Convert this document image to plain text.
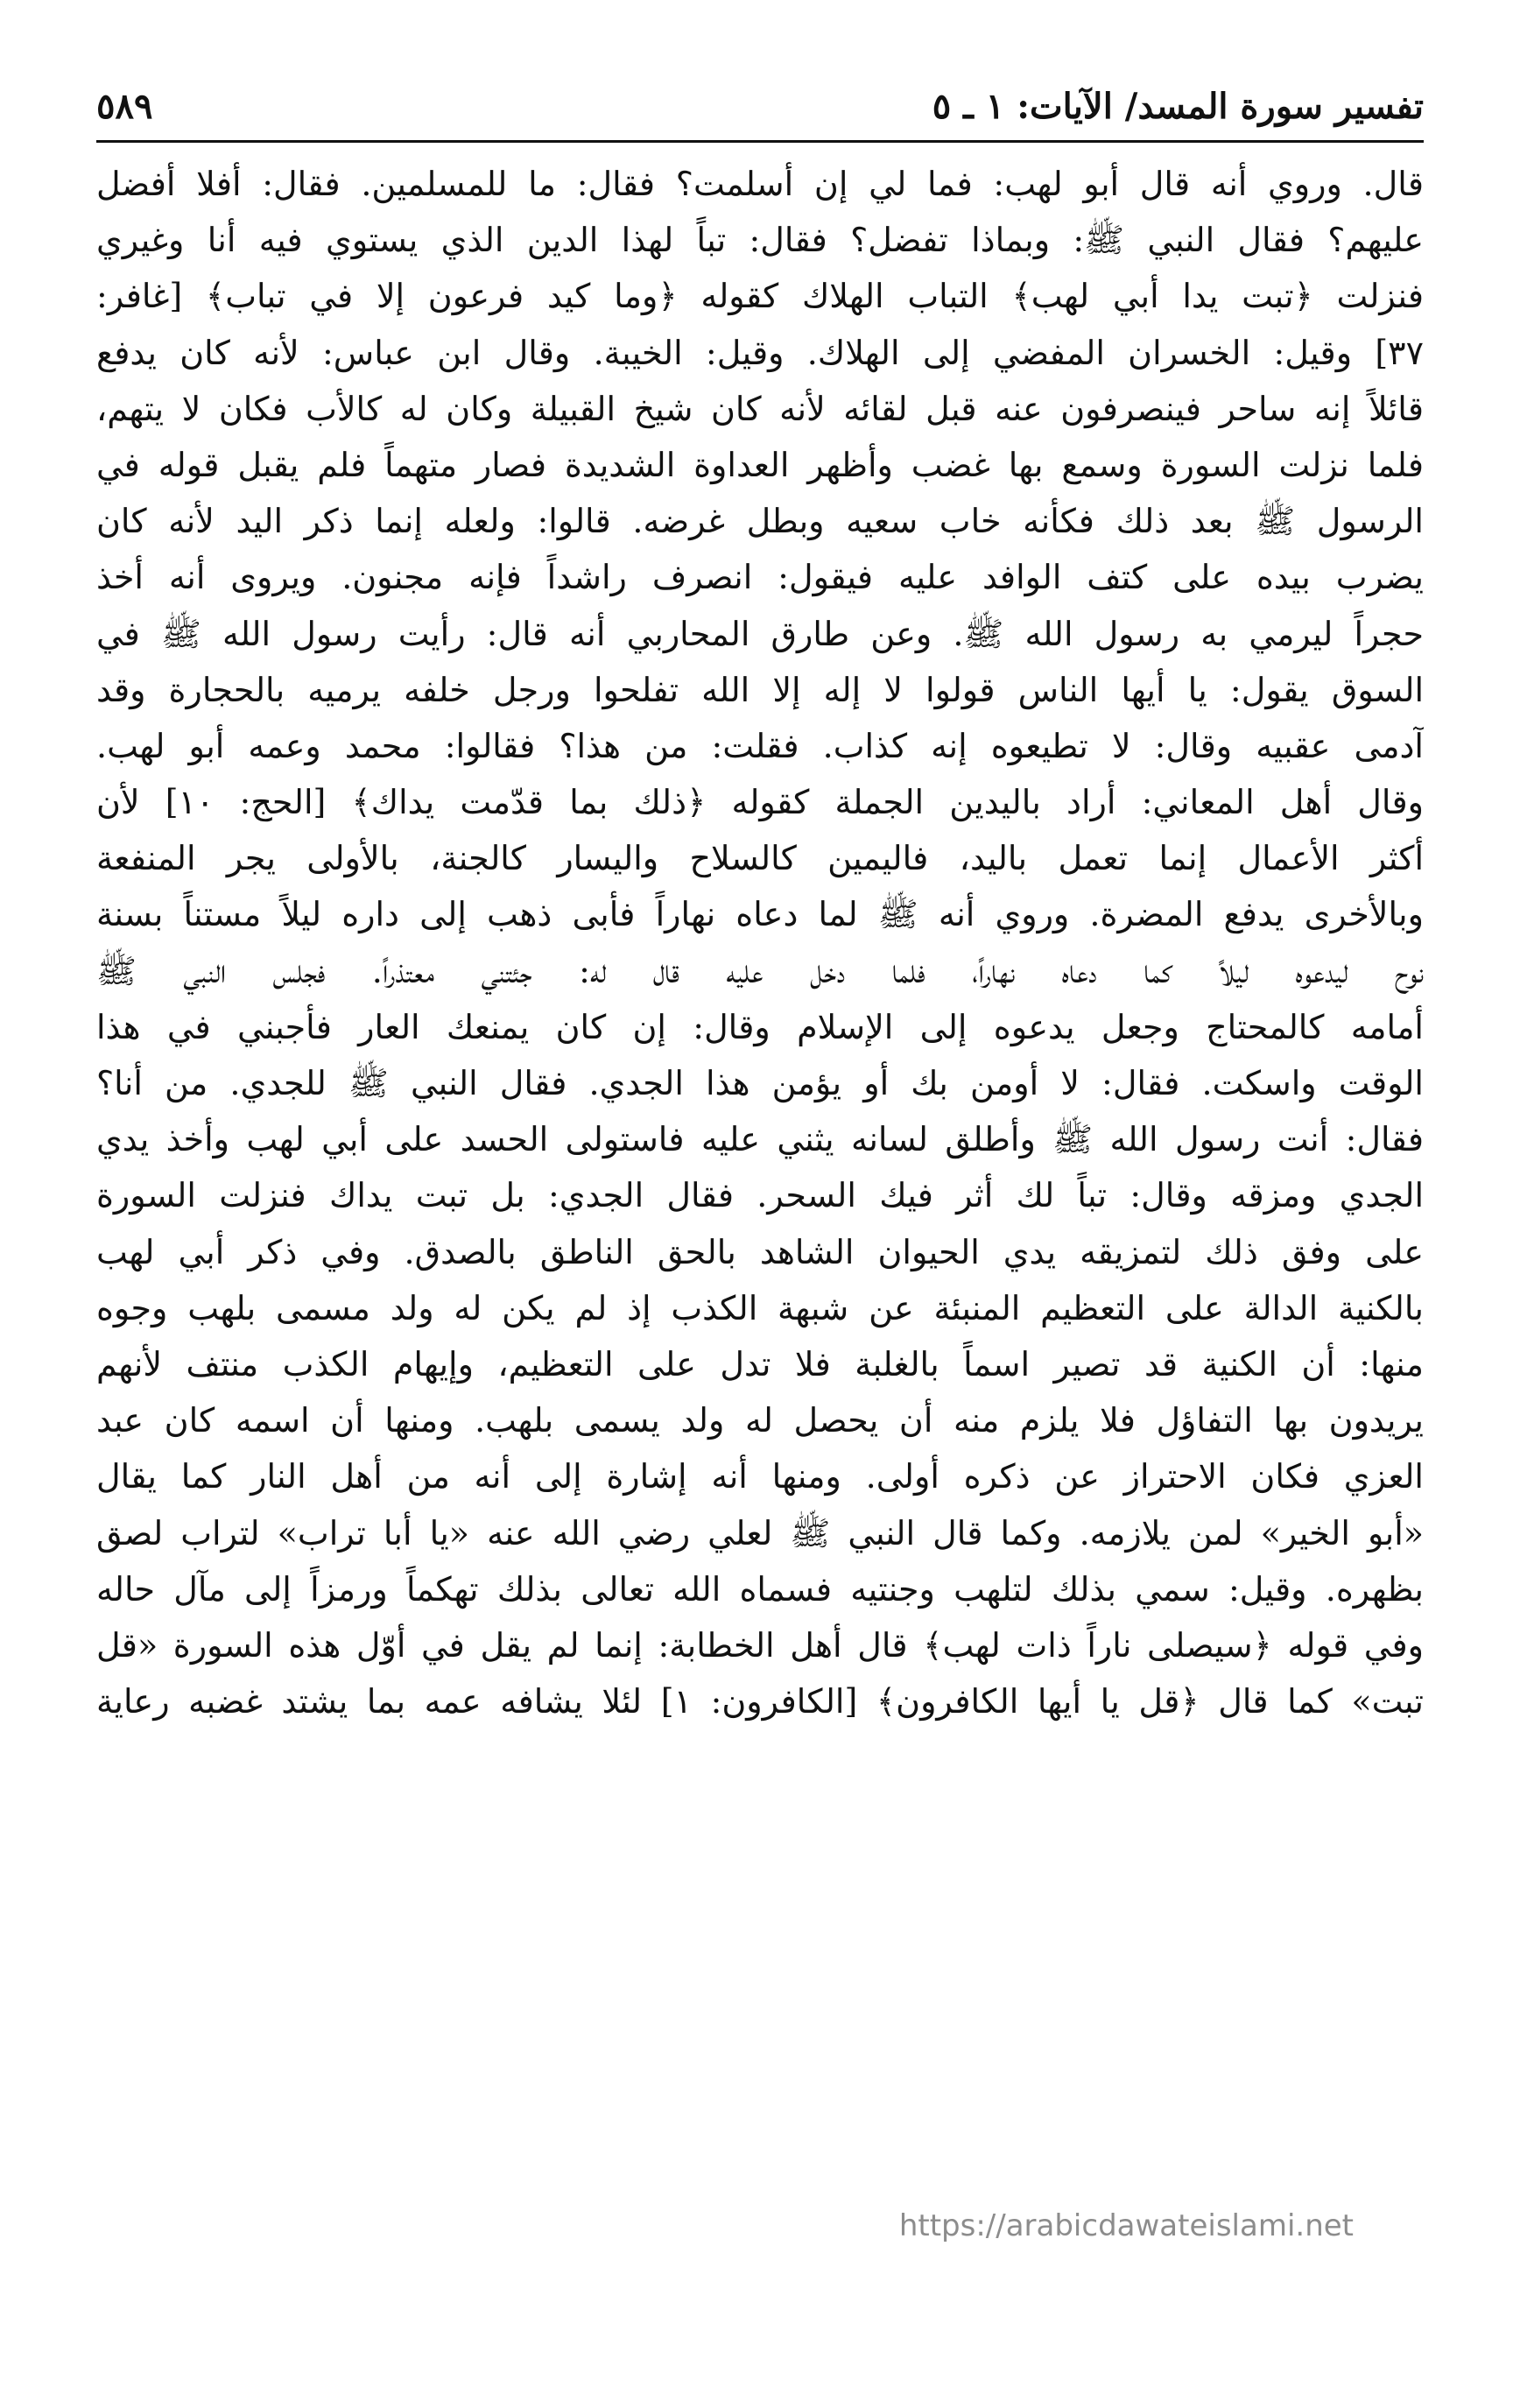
تفسير سورة المسد/ الآيات: ١ ـ ٥
٥٨٩
قال. وروي أنه قال أبو لهب: فما لي إن أسلمت؟ فقال: ما للمسلمين. فقال: أفلا أفضل
عليهم؟ فقال النبي ﷺ: وبماذا تفضل؟ فقال: تباً لهذا الدين الذي يستوي فيه أنا وغيري
فنزلت ﴿تبت يدا أبي لهب﴾ التباب الهلاك كقوله ﴿وما كيد فرعون إلا في تباب﴾ [غافر:
٣٧] وقيل: الخسران المفضي إلى الهلاك. وقيل: الخيبة. وقال ابن عباس: لأنه كان يدفع
قائلاً إنه ساحر فينصرفون عنه قبل لقائه لأنه كان شيخ القبيلة وكان له كالأب فكان لا يتهم،
فلما نزلت السورة وسمع بها غضب وأظهر العداوة الشديدة فصار متهماً فلم يقبل قوله في
الرسول ﷺ بعد ذلك فكأنه خاب سعيه وبطل غرضه. قالوا: ولعله إنما ذكر اليد لأنه كان
يضرب بيده على كتف الوافد عليه فيقول: انصرف راشداً فإنه مجنون. ويروى أنه أخذ
حجراً ليرمي به رسول الله ﷺ. وعن طارق المحاربي أنه قال: رأيت رسول الله ﷺ في
السوق يقول: يا أيها الناس قولوا لا إله إلا الله تفلحوا ورجل خلفه يرميه بالحجارة وقد
آدمى عقبيه وقال: لا تطيعوه إنه كذاب. فقلت: من هذا؟ فقالوا: محمد وعمه أبو لهب.
وقال أهل المعاني: أراد باليدين الجملة كقوله ﴿ذلك بما قدّمت يداك﴾ [الحج: ١٠] لأن
أكثر الأعمال إنما تعمل باليد، فاليمين كالسلاح واليسار كالجنة، بالأولى يجر المنفعة
وبالأخرى يدفع المضرة. وروي أنه ﷺ لما دعاه نهاراً فأبى ذهب إلى داره ليلاً مستناً بسنة
نوح ليدعوه ليلاً كما دعاه نهاراً، فلما دخل عليه قال له: جئتني معتذراً. فجلس النبي ﷺ
أمامه كالمحتاج وجعل يدعوه إلى الإسلام وقال: إن كان يمنعك العار فأجبني في هذا
الوقت واسكت. فقال: لا أومن بك أو يؤمن هذا الجدي. فقال النبي ﷺ للجدي. من أنا؟
فقال: أنت رسول الله ﷺ وأطلق لسانه يثني عليه فاستولى الحسد على أبي لهب وأخذ يدي
الجدي ومزقه وقال: تباً لك أثر فيك السحر. فقال الجدي: بل تبت يداك فنزلت السورة
على وفق ذلك لتمزيقه يدي الحيوان الشاهد بالحق الناطق بالصدق. وفي ذكر أبي لهب
بالكنية الدالة على التعظيم المنبئة عن شبهة الكذب إذ لم يكن له ولد مسمى بلهب وجوه
منها: أن الكنية قد تصير اسماً بالغلبة فلا تدل على التعظيم، وإيهام الكذب منتف لأنهم
يريدون بها التفاؤل فلا يلزم منه أن يحصل له ولد يسمى بلهب. ومنها أن اسمه كان عبد
العزي فكان الاحتراز عن ذكره أولى. ومنها أنه إشارة إلى أنه من أهل النار كما يقال
«أبو الخير» لمن يلازمه. وكما قال النبي ﷺ لعلي رضي الله عنه «يا أبا تراب» لتراب لصق
بظهره. وقيل: سمي بذلك لتلهب وجنتيه فسماه الله تعالى بذلك تهكماً ورمزاً إلى مآل حاله
وفي قوله ﴿سيصلى ناراً ذات لهب﴾ قال أهل الخطابة: إنما لم يقل في أوّل هذه السورة «قل
تبت» كما قال ﴿قل يا أيها الكافرون﴾ [الكافرون: ١] لئلا يشافه عمه بما يشتد غضبه رعاية
https://arabicdawateislami.net
